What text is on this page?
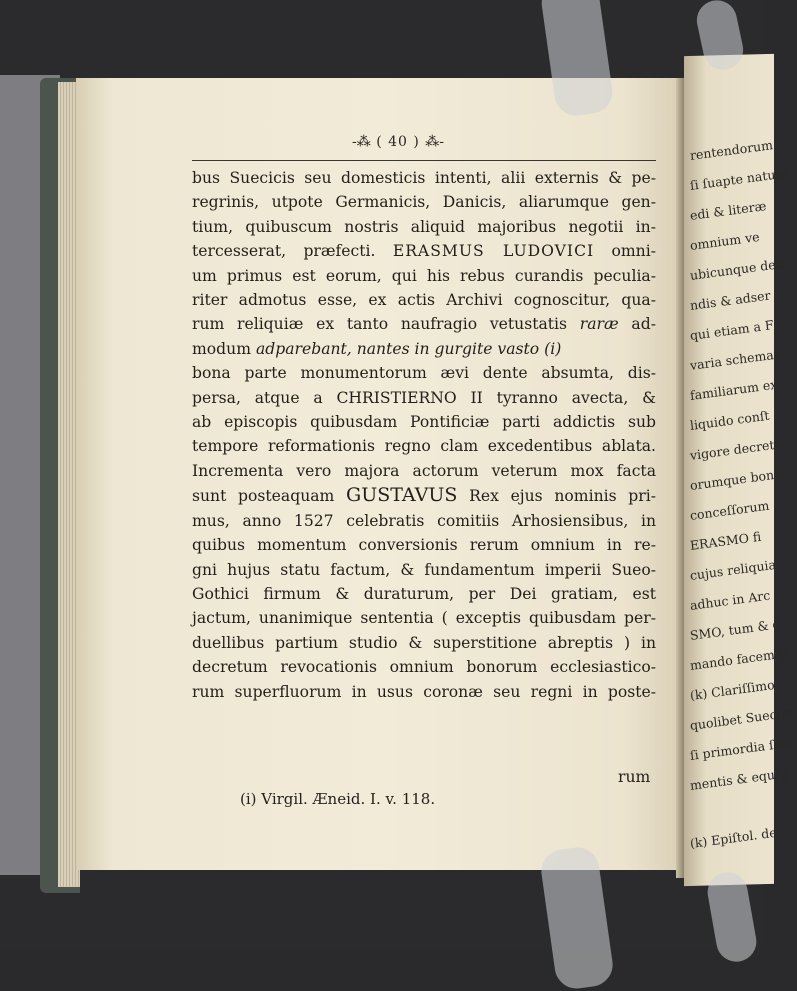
rentendorum
ſi ſuapte natura
edi & literæ
omnium ve
ubicunque deli
ndis & adser
qui etiam a F
varia schemat
familiarum ex
liquido conſt
vigore decreti
orumque bone
conceſſorum
ERASMO fi
cujus reliquia
adhuc in Arc
SMO, tum & d
mando facem p
(k) Clariſſimo
quolibet Sueciæ,
ſi primordia ſem
mentis & equi j
(k) Epiſtol. de
-⁂ ( 40 ) ⁂-
bus Suecicis seu domesticis intenti, alii externis & pe-
regrinis, utpote Germanicis, Danicis, aliarumque gen-
tium, quibuscum nostris aliquid majoribus negotii in-
tercesserat, præfecti. ERASMUS LUDOVICI omni-
um primus est eorum, qui his rebus curandis peculia-
riter admotus esse, ex actis Archivi cognoscitur, qua-
rum reliquiæ ex tanto naufragio vetustatis raræ ad-
modum adparebant, nantes in gurgite vasto (i)
bona parte monumentorum ævi dente absumta, dis-
persa, atque a CHRISTIERNO II tyranno avecta, &
ab episcopis quibusdam Pontificiæ parti addictis sub
tempore reformationis regno clam excedentibus ablata.
Incrementa vero majora actorum veterum mox facta
sunt posteaquam GUSTAVUS Rex ejus nominis pri-
mus, anno 1527 celebratis comitiis Arhosiensibus, in
quibus momentum conversionis rerum omnium in re-
gni hujus statu factum, & fundamentum imperii Sueo-
Gothici firmum & duraturum, per Dei gratiam, est
jactum, unanimique sententia ( exceptis quibusdam per-
duellibus partium studio & superstitione abreptis ) in
decretum revocationis omnium bonorum ecclesiastico-
rum superfluorum in usus coronæ seu regni in poste-
rum
(i) Virgil. Æneid. I. v. 118.
